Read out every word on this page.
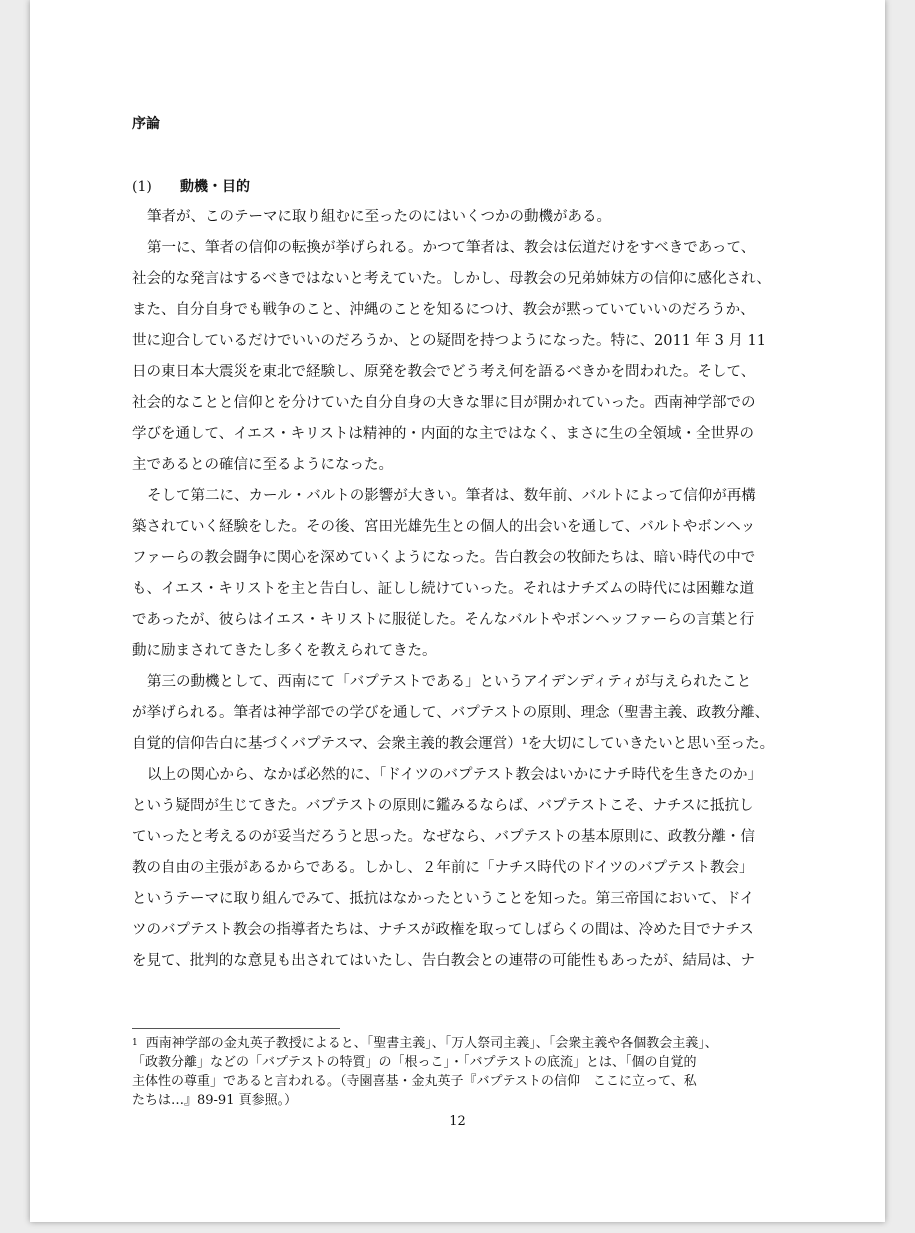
序論
(1)	動機・目的
筆者が、このテーマに取り組むに至ったのにはいくつかの動機がある。
第一に、筆者の信仰の転換が挙げられる。かつて筆者は、教会は伝道だけをすべきであって、
社会的な発言はするべきではないと考えていた。しかし、母教会の兄弟姉妹方の信仰に感化され、
また、自分自身でも戦争のこと、沖縄のことを知るにつけ、教会が黙っていていいのだろうか、
世に迎合しているだけでいいのだろうか、との疑問を持つようになった。特に、2011 年 3 月 11
日の東日本大震災を東北で経験し、原発を教会でどう考え何を語るべきかを問われた。そして、
社会的なことと信仰とを分けていた自分自身の大きな罪に目が開かれていった。西南神学部での
学びを通して、イエス・キリストは精神的・内面的な主ではなく、まさに生の全領域・全世界の
主であるとの確信に至るようになった。
そして第二に、カール・バルトの影響が大きい。筆者は、数年前、バルトによって信仰が再構
築されていく経験をした。その後、宮田光雄先生との個人的出会いを通して、バルトやボンヘッ
ファーらの教会闘争に関心を深めていくようになった。告白教会の牧師たちは、暗い時代の中で
も、イエス・キリストを主と告白し、証しし続けていった。それはナチズムの時代には困難な道
であったが、彼らはイエス・キリストに服従した。そんなバルトやボンヘッファーらの言葉と行
動に励まされてきたし多くを教えられてきた。
第三の動機として、西南にて「バプテストである」というアイデンディティが与えられたこと
が挙げられる。筆者は神学部での学びを通して、バプテストの原則、理念（聖書主義、政教分離、
自覚的信仰告白に基づくバプテスマ、会衆主義的教会運営）¹を大切にしていきたいと思い至った。
以上の関心から、なかば必然的に、「ドイツのバプテスト教会はいかにナチ時代を生きたのか」
という疑問が生じてきた。バプテストの原則に鑑みるならば、バプテストこそ、ナチスに抵抗し
ていったと考えるのが妥当だろうと思った。なぜなら、バプテストの基本原則に、政教分離・信
教の自由の主張があるからである。しかし、２年前に「ナチス時代のドイツのバプテスト教会」
というテーマに取り組んでみて、抵抗はなかったということを知った。第三帝国において、ドイ
ツのバプテスト教会の指導者たちは、ナチスが政権を取ってしばらくの間は、冷めた目でナチス
を見て、批判的な意見も出されてはいたし、告白教会との連帯の可能性もあったが、結局は、ナ
$^1$ 西南神学部の金丸英子教授によると、「聖書主義」、「万人祭司主義」、「会衆主義や各個教会主義」、
「政教分離」などの「バプテストの特質」の「根っこ」・「バプテストの底流」とは、「個の自覚的
主体性の尊重」であると言われる。（寺園喜基・金丸英子『バプテストの信仰　ここに立って、私
たちは…』89-91 頁参照。）
12
